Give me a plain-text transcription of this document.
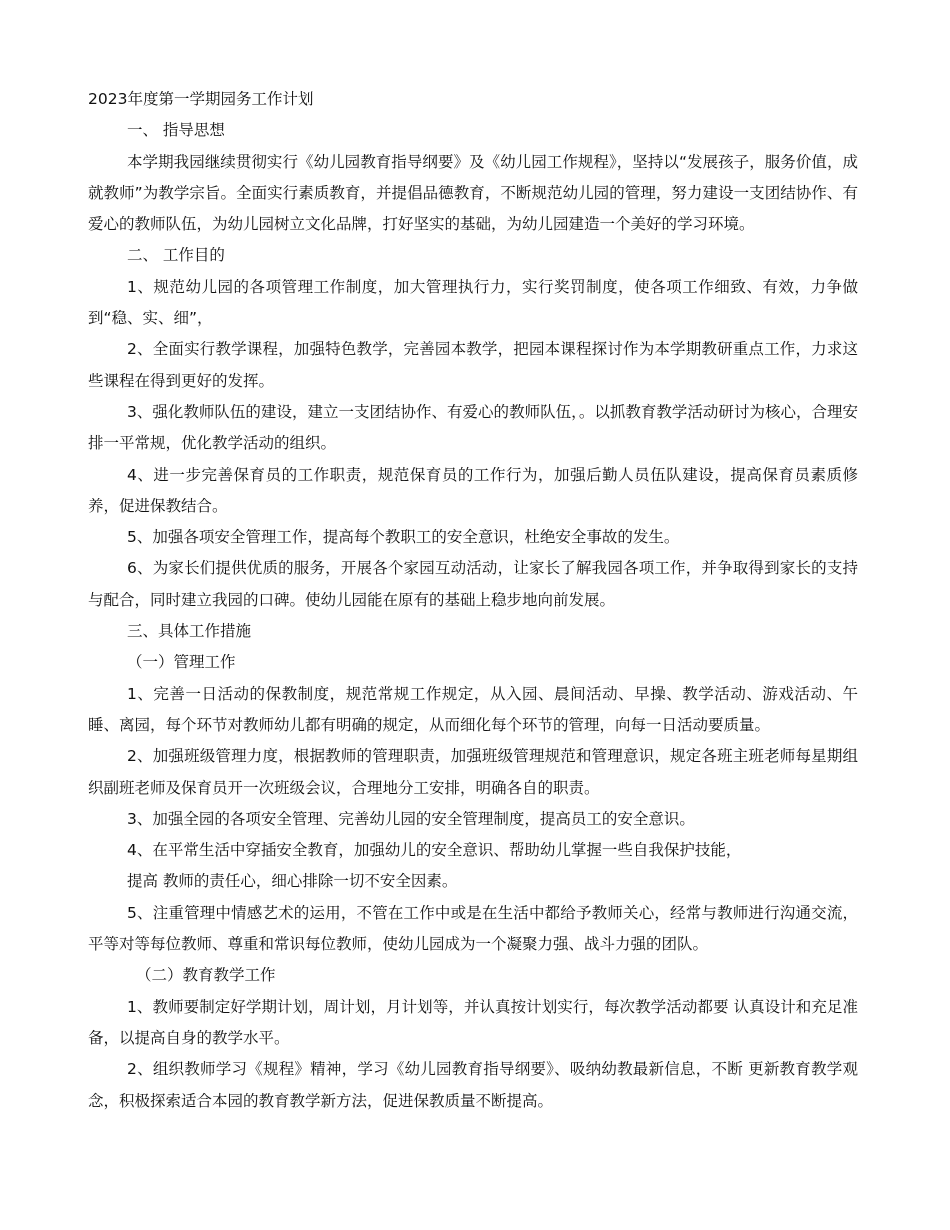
2023年度第一学期园务工作计划

一、 指导思想

本学期我园继续贯彻实行《幼儿园教育指导纲要》及《幼儿园工作规程》，坚持以“发展孩子，服务价值，成就教师”为教学宗旨。全面实行素质教育，并提倡品德教育，不断规范幼儿园的管理，努力建设一支团结协作、有爱心的教师队伍，为幼儿园树立文化品牌，打好坚实的基础，为幼儿园建造一个美好的学习环境。

二、 工作目的

1、规范幼儿园的各项管理工作制度，加大管理执行力，实行奖罚制度，使各项工作细致、有效，力争做到“稳、实、细”，

2、全面实行教学课程，加强特色教学，完善园本教学，把园本课程探讨作为本学期教研重点工作，力求这些课程在得到更好的发挥。

3、强化教师队伍的建设，建立一支团结协作、有爱心的教师队伍，。以抓教育教学活动研讨为核心，合理安排一平常规，优化教学活动的组织。

4、进一步完善保育员的工作职责，规范保育员的工作行为，加强后勤人员伍队建设，提高保育员素质修养，促进保教结合。

5、加强各项安全管理工作，提高每个教职工的安全意识，杜绝安全事故的发生。

6、为家长们提供优质的服务，开展各个家园互动活动，让家长了解我园各项工作，并争取得到家长的支持与配合，同时建立我园的口碑。使幼儿园能在原有的基础上稳步地向前发展。

三、具体工作措施

（一）管理工作

1、完善一日活动的保教制度，规范常规工作规定，从入园、晨间活动、早操、教学活动、游戏活动、午睡、离园，每个环节对教师幼儿都有明确的规定，从而细化每个环节的管理，向每一日活动要质量。

2、加强班级管理力度，根据教师的管理职责，加强班级管理规范和管理意识，规定各班主班老师每星期组织副班老师及保育员开一次班级会议，合理地分工安排，明确各自的职责。

3、加强全园的各项安全管理、完善幼儿园的安全管理制度，提高员工的安全意识。

4、在平常生活中穿插安全教育，加强幼儿的安全意识、帮助幼儿掌握一些自我保护技能，

提高 教师的责任心，细心排除一切不安全因素。

5、注重管理中情感艺术的运用，不管在工作中或是在生活中都给予教师关心，经常与教师进行沟通交流，平等对等每位教师、尊重和常识每位教师，使幼儿园成为一个凝聚力强、战斗力强的团队。

（二）教育教学工作

1、教师要制定好学期计划，周计划，月计划等，并认真按计划实行，每次教学活动都要 认真设计和充足准备，以提高自身的教学水平。

2、组织教师学习《规程》精神，学习《幼儿园教育指导纲要》、吸纳幼教最新信息，不断 更新教育教学观念，积极探索适合本园的教育教学新方法，促进保教质量不断提高。
